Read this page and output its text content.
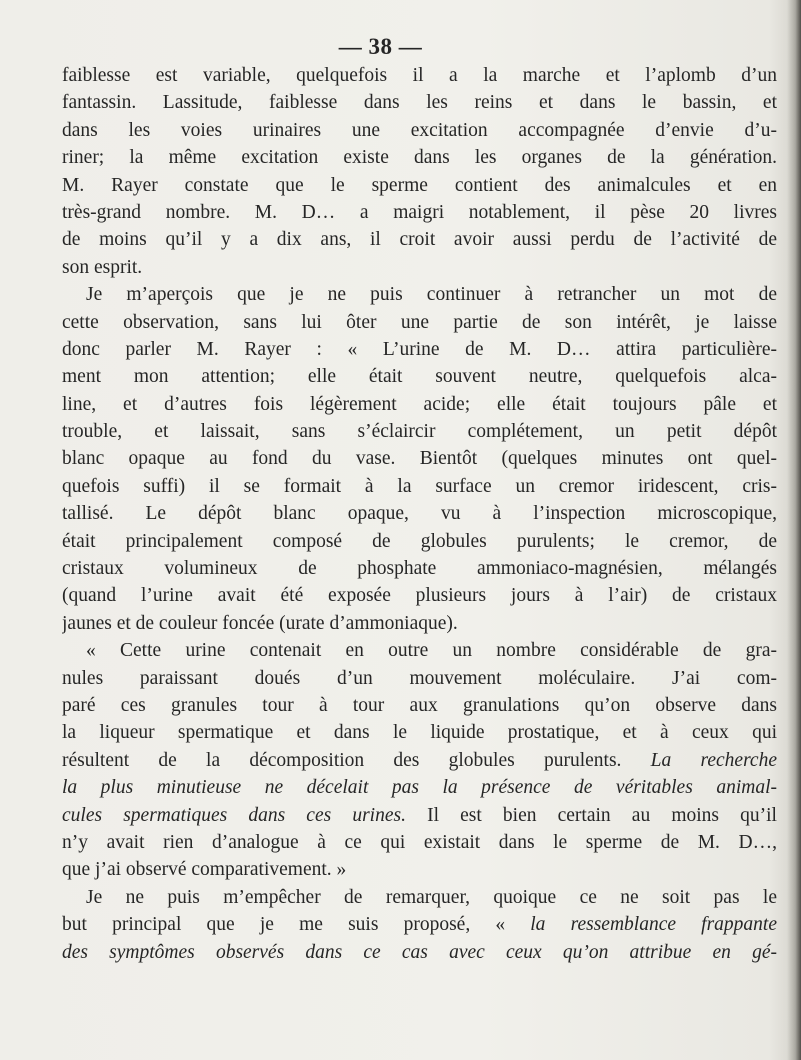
— 38 —
faiblesse est variable, quelquefois il a la marche et l’aplomb d’un
fantassin. Lassitude, faiblesse dans les reins et dans le bassin, et
dans les voies urinaires une excitation accompagnée d’envie d’u-
riner; la même excitation existe dans les organes de la génération.
M. Rayer constate que le sperme contient des animalcules et en
très-grand nombre. M. D… a maigri notablement, il pèse 20 livres
de moins qu’il y a dix ans, il croit avoir aussi perdu de l’activité de
son esprit.
Je m’aperçois que je ne puis continuer à retrancher un mot de
cette observation, sans lui ôter une partie de son intérêt, je laisse
donc parler M. Rayer : « L’urine de M. D… attira particulière-
ment mon attention; elle était souvent neutre, quelquefois alca-
line, et d’autres fois légèrement acide; elle était toujours pâle et
trouble, et laissait, sans s’éclaircir complétement, un petit dépôt
blanc opaque au fond du vase. Bientôt (quelques minutes ont quel-
quefois suffi) il se formait à la surface un cremor iridescent, cris-
tallisé. Le dépôt blanc opaque, vu à l’inspection microscopique,
était principalement composé de globules purulents; le cremor, de
cristaux volumineux de phosphate ammoniaco-magnésien, mélangés
(quand l’urine avait été exposée plusieurs jours à l’air) de cristaux
jaunes et de couleur foncée (urate d’ammoniaque).
« Cette urine contenait en outre un nombre considérable de gra-
nules paraissant doués d’un mouvement moléculaire. J’ai com-
paré ces granules tour à tour aux granulations qu’on observe dans
la liqueur spermatique et dans le liquide prostatique, et à ceux qui
résultent de la décomposition des globules purulents. La recherche
la plus minutieuse ne décelait pas la présence de véritables animal-
cules spermatiques dans ces urines. Il est bien certain au moins qu’il
n’y avait rien d’analogue à ce qui existait dans le sperme de M. D…,
que j’ai observé comparativement. »
Je ne puis m’empêcher de remarquer, quoique ce ne soit pas le
but principal que je me suis proposé, « la ressemblance frappante
des symptômes observés dans ce cas avec ceux qu’on attribue en gé-
